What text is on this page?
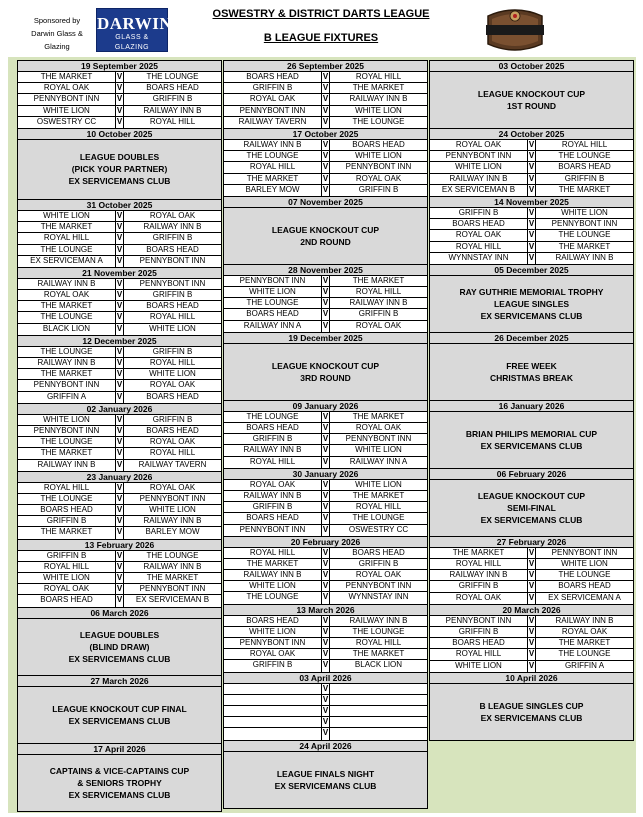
Sponsored by
Darwin Glass & Glazing
DARWIN
GLASS & GLAZING
OSWESTRY & DISTRICT DARTS LEAGUE
B LEAGUE FIXTURES
19 September 2025
THE MARKET	V	THE LOUNGE
ROYAL OAK	V	BOARS HEAD
PENNYBONT INN	V	GRIFFIN B
WHITE LION	V	RAILWAY INN B
OSWESTRY CC	V	ROYAL HILL
10 October 2025
LEAGUE DOUBLES
(PICK YOUR PARTNER)
EX SERVICEMANS CLUB
31 October 2025
WHITE LION	V	ROYAL OAK
THE MARKET	V	RAILWAY INN B
ROYAL HILL	V	GRIFFIN B
THE LOUNGE	V	BOARS HEAD
EX SERVICEMAN A	V	PENNYBONT INN
21 November 2025
RAILWAY INN B	V	PENNYBONT INN
ROYAL OAK	V	GRIFFIN B
THE MARKET	V	BOARS HEAD
THE LOUNGE	V	ROYAL HILL
BLACK LION	V	WHITE LION
12 December 2025
THE LOUNGE	V	GRIFFIN B
RAILWAY INN B	V	ROYAL HILL
THE MARKET	V	WHITE LION
PENNYBONT INN	V	ROYAL OAK
GRIFFIN A	V	BOARS HEAD
02 January 2026
WHITE LION	V	GRIFFIN B
PENNYBONT INN	V	BOARS HEAD
THE LOUNGE	V	ROYAL OAK
THE MARKET	V	ROYAL HILL
RAILWAY INN B	V	RAILWAY TAVERN
23 January 2026
ROYAL HILL	V	ROYAL OAK
THE LOUNGE	V	PENNYBONT INN
BOARS HEAD	V	WHITE LION
GRIFFIN B	V	RAILWAY INN B
THE MARKET	V	BARLEY MOW
13 February 2026
GRIFFIN B	V	THE LOUNGE
ROYAL HILL	V	RAILWAY INN B
WHITE LION	V	THE MARKET
ROYAL OAK	V	PENNYBONT INN
BOARS HEAD	V	EX SERVICEMAN B
06 March 2026
LEAGUE DOUBLES
(BLIND DRAW)
EX SERVICEMANS CLUB
27 March 2026
LEAGUE KNOCKOUT CUP FINAL
EX SERVICEMANS CLUB
17 April 2026
CAPTAINS & VICE-CAPTAINS CUP
& SENIORS TROPHY
EX SERVICEMANS CLUB
26 September 2025
BOARS HEAD	V	ROYAL HILL
GRIFFIN B	V	THE MARKET
ROYAL OAK	V	RAILWAY INN B
PENNYBONT INN	V	WHITE LION
RAILWAY TAVERN	V	THE LOUNGE
17 October 2025
RAILWAY INN B	V	BOARS HEAD
THE LOUNGE	V	WHITE LION
ROYAL HILL	V	PENNYBONT INN
THE MARKET	V	ROYAL OAK
BARLEY MOW	V	GRIFFIN B
07 November 2025
LEAGUE KNOCKOUT CUP
2ND ROUND
28 November 2025
PENNYBONT INN	V	THE MARKET
WHITE LION	V	ROYAL HILL
THE LOUNGE	V	RAILWAY INN B
BOARS HEAD	V	GRIFFIN B
RAILWAY INN A	V	ROYAL OAK
19 December 2025
LEAGUE KNOCKOUT CUP
3RD ROUND
09 January 2026
THE LOUNGE	V	THE MARKET
BOARS HEAD	V	ROYAL OAK
GRIFFIN B	V	PENNYBONT INN
RAILWAY INN B	V	WHITE LION
ROYAL HILL	V	RAILWAY INN A
30 January 2026
ROYAL OAK	V	WHITE LION
RAILWAY INN B	V	THE MARKET
GRIFFIN B	V	ROYAL HILL
BOARS HEAD	V	THE LOUNGE
PENNYBONT INN	V	OSWESTRY CC
20 February 2026
ROYAL HILL	V	BOARS HEAD
THE MARKET	V	GRIFFIN B
RAILWAY INN B	V	ROYAL OAK
WHITE LION	V	PENNYBONT INN
THE LOUNGE	V	WYNNSTAY INN
13 March 2026
BOARS HEAD	V	RAILWAY INN B
WHITE LION	V	THE LOUNGE
PENNYBONT INN	V	ROYAL HILL
ROYAL OAK	V	THE MARKET
GRIFFIN B	V	BLACK LION
03 April 2026
V
V
V
V
V
24 April 2026
LEAGUE FINALS NIGHT
EX SERVICEMANS CLUB
03 October 2025
LEAGUE KNOCKOUT CUP
1ST ROUND
24 October 2025
ROYAL OAK	V	ROYAL HILL
PENNYBONT INN	V	THE LOUNGE
WHITE LION	V	BOARS HEAD
RAILWAY INN B	V	GRIFFIN B
EX SERVICEMAN B	V	THE MARKET
14 November 2025
GRIFFIN B	V	WHITE LION
BOARS HEAD	V	PENNYBONT INN
ROYAL OAK	V	THE LOUNGE
ROYAL HILL	V	THE MARKET
WYNNSTAY INN	V	RAILWAY INN B
05 December 2025
RAY GUTHRIE MEMORIAL TROPHY
LEAGUE SINGLES
EX SERVICEMANS CLUB
26 December 2025
FREE WEEK
CHRISTMAS BREAK
16 January 2026
BRIAN PHILIPS MEMORIAL CUP
EX SERVICEMANS CLUB
06 February 2026
LEAGUE KNOCKOUT CUP
SEMI-FINAL
EX SERVICEMANS CLUB
27 February 2026
THE MARKET	V	PENNYBONT INN
ROYAL HILL	V	WHITE LION
RAILWAY INN B	V	THE LOUNGE
GRIFFIN B	V	BOARS HEAD
ROYAL OAK	V	EX SERVICEMAN A
20 March 2026
PENNYBONT INN	V	RAILWAY INN B
GRIFFIN B	V	ROYAL OAK
BOARS HEAD	V	THE MARKET
ROYAL HILL	V	THE LOUNGE
WHITE LION	V	GRIFFIN A
10 April 2026
B LEAGUE SINGLES CUP
EX SERVICEMANS CLUB
